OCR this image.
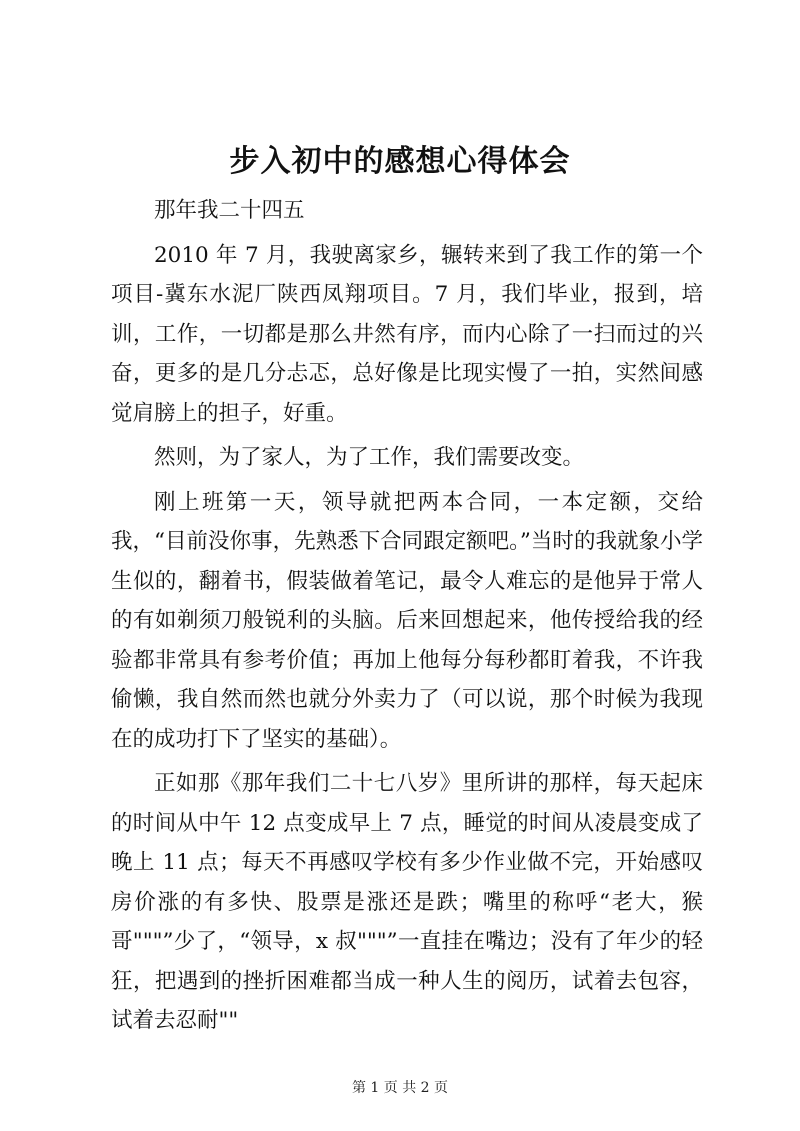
步入初中的感想心得体会

那年我二十四五

2010 年 7 月，我驶离家乡，辗转来到了我工作的第一个项目-冀东水泥厂陕西凤翔项目。7 月，我们毕业，报到，培训，工作，一切都是那么井然有序，而内心除了一扫而过的兴奋，更多的是几分忐忑，总好像是比现实慢了一拍，实然间感觉肩膀上的担子，好重。

然则，为了家人，为了工作，我们需要改变。

刚上班第一天，领导就把两本合同，一本定额，交给我，“目前没你事，先熟悉下合同跟定额吧。”当时的我就象小学生似的，翻着书，假装做着笔记，最令人难忘的是他异于常人的有如剃须刀般锐利的头脑。后来回想起来，他传授给我的经验都非常具有参考价值；再加上他每分每秒都盯着我，不许我偷懒，我自然而然也就分外卖力了（可以说，那个时候为我现在的成功打下了坚实的基础）。

正如那《那年我们二十七八岁》里所讲的那样，每天起床的时间从中午 12 点变成早上 7 点，睡觉的时间从凌晨变成了晚上 11 点；每天不再感叹学校有多少作业做不完，开始感叹房价涨的有多快、股票是涨还是跌；嘴里的称呼“老大，猴哥"""”少了，“领导，x 叔"""”一直挂在嘴边；没有了年少的轻狂，把遇到的挫折困难都当成一种人生的阅历，试着去包容，试着去忍耐""

第 1 页 共 2 页
